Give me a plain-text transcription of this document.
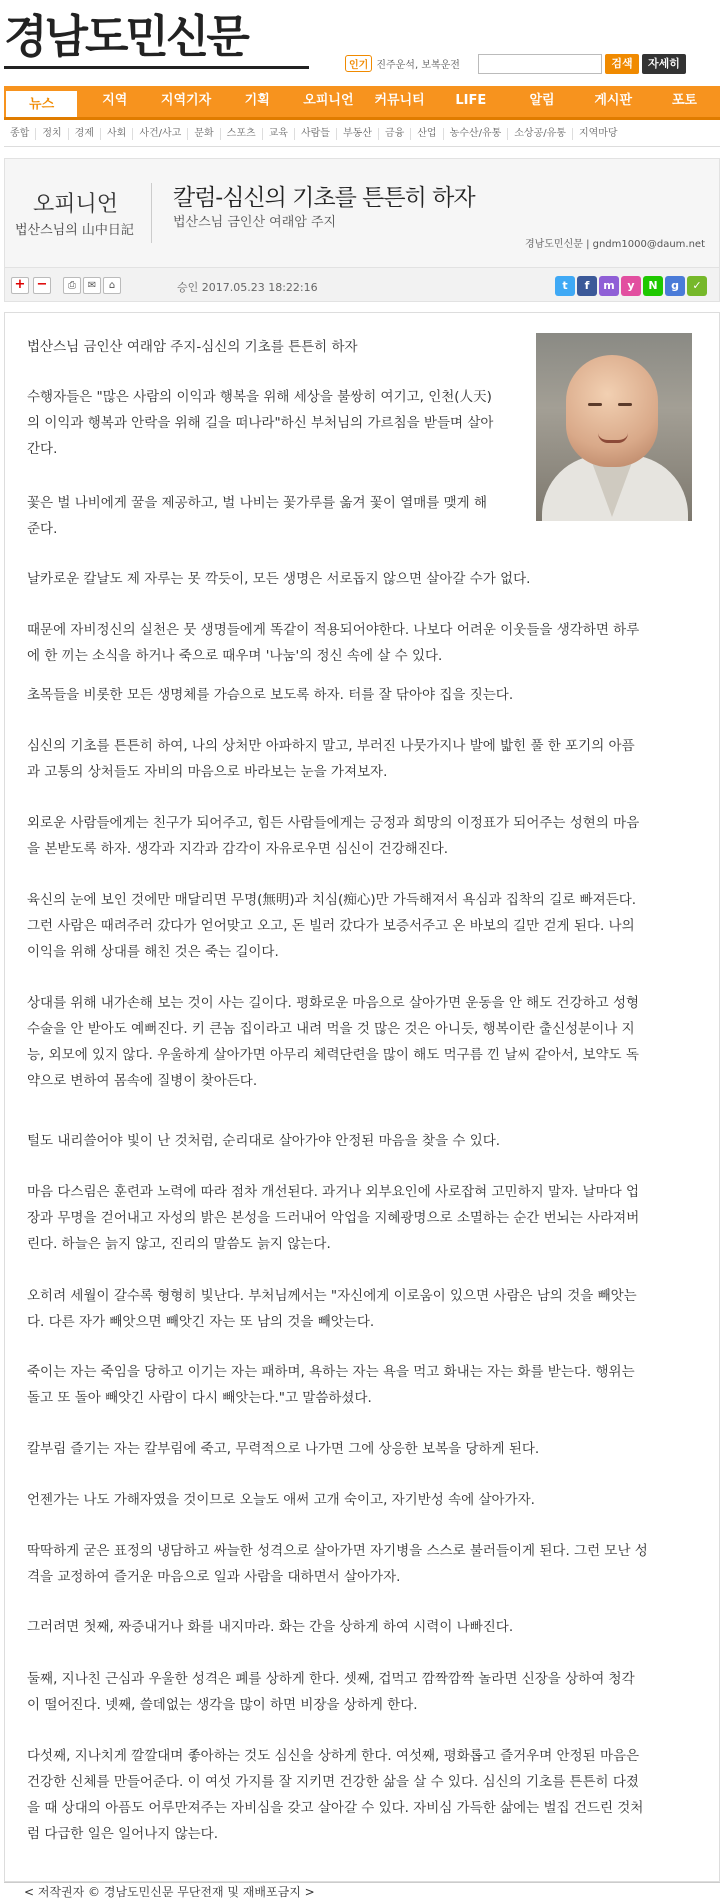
경남도민신문
인기 진주운석, 보복운전	검색	자세히
뉴스	지역	지역기자	기획	오피니언	커뮤니티	LIFE	알림	게시판	포토
종합	정치	경제	사회	사건/사고	문화	스포츠	교육	사람들	부동산	금융	산업	농수산/유통	소상공/유통	지역마당
오피니언
법산스님의 山中日記
칼럼-심신의 기초를 튼튼히 하자
법산스님 금인산 여래암 주지
경남도민신문 | gndm1000@daum.net
+ −	⎙	✉	⌂	승인 2017.05.23 18:22:16	t	f	m	y	N	g	✓
법산스님 금인산 여래암 주지-심신의 기초를 튼튼히 하자
수행자들은 "많은 사람의 이익과 행복을 위해 세상을 불쌍히 여기고, 인천(人天)
의 이익과 행복과 안락을 위해 길을 떠나라"하신 부처님의 가르침을 받들며 살아
간다.
꽃은 벌 나비에게 꿀을 제공하고, 벌 나비는 꽃가루를 옮겨 꽃이 열매를 맺게 해
준다.
날카로운 칼날도 제 자루는 못 깍듯이, 모든 생명은 서로돕지 않으면 살아갈 수가 없다.
때문에 자비정신의 실천은 뭇 생명들에게 똑같이 적용되어야한다. 나보다 어려운 이웃들을 생각하면 하루
에 한 끼는 소식을 하거나 죽으로 때우며 '나눔'의 정신 속에 살 수 있다.
초목들을 비롯한 모든 생명체를 가슴으로 보도록 하자. 터를 잘 닦아야 집을 짓는다.
심신의 기초를 튼튼히 하여, 나의 상처만 아파하지 말고, 부러진 나뭇가지나 발에 밟힌 풀 한 포기의 아픔
과 고통의 상처들도 자비의 마음으로 바라보는 눈을 가져보자.
외로운 사람들에게는 친구가 되어주고, 힘든 사람들에게는 긍정과 희망의 이정표가 되어주는 성현의 마음
을 본받도록 하자. 생각과 지각과 감각이 자유로우면 심신이 건강해진다.
육신의 눈에 보인 것에만 매달리면 무명(無明)과 치심(痴心)만 가득해져서 욕심과 집착의 길로 빠져든다.
그런 사람은 때려주러 갔다가 얻어맞고 오고, 돈 빌러 갔다가 보증서주고 온 바보의 길만 걷게 된다. 나의
이익을 위해 상대를 해친 것은 죽는 길이다.
상대를 위해 내가손해 보는 것이 사는 길이다. 평화로운 마음으로 살아가면 운동을 안 해도 건강하고 성형
수술을 안 받아도 예뻐진다. 키 큰놈 집이라고 내려 먹을 것 많은 것은 아니듯, 행복이란 출신성분이나 지
능, 외모에 있지 않다. 우울하게 살아가면 아무리 체력단련을 많이 해도 먹구름 낀 날씨 같아서, 보약도 독
약으로 변하여 몸속에 질병이 찾아든다.
털도 내리쓸어야 빛이 난 것처럼, 순리대로 살아가야 안정된 마음을 찾을 수 있다.
마음 다스림은 훈련과 노력에 따라 점차 개선된다. 과거나 외부요인에 사로잡혀 고민하지 말자. 날마다 업
장과 무명을 걷어내고 자성의 밝은 본성을 드러내어 악업을 지혜광명으로 소멸하는 순간 번뇌는 사라져버
린다. 하늘은 늙지 않고, 진리의 말씀도 늙지 않는다.
오히려 세월이 갈수록 형형히 빛난다. 부처님께서는 "자신에게 이로움이 있으면 사람은 남의 것을 빼앗는
다. 다른 자가 빼앗으면 빼앗긴 자는 또 남의 것을 빼앗는다.
죽이는 자는 죽임을 당하고 이기는 자는 패하며, 욕하는 자는 욕을 먹고 화내는 자는 화를 받는다. 행위는
돌고 또 돌아 빼앗긴 사람이 다시 빼앗는다."고 말씀하셨다.
칼부림 즐기는 자는 칼부림에 죽고, 무력적으로 나가면 그에 상응한 보복을 당하게 된다.
언젠가는 나도 가해자였을 것이므로 오늘도 애써 고개 숙이고, 자기반성 속에 살아가자.
딱딱하게 굳은 표정의 냉담하고 싸늘한 성격으로 살아가면 자기병을 스스로 불러들이게 된다. 그런 모난 성
격을 교정하여 즐거운 마음으로 일과 사람을 대하면서 살아가자.
그러려면 첫째, 짜증내거나 화를 내지마라. 화는 간을 상하게 하여 시력이 나빠진다.
둘째, 지나친 근심과 우울한 성격은 폐를 상하게 한다. 셋째, 겁먹고 깜짝깜짝 놀라면 신장을 상하여 청각
이 떨어진다. 넷째, 쓸데없는 생각을 많이 하면 비장을 상하게 한다.
다섯째, 지나치게 깔깔대며 좋아하는 것도 심신을 상하게 한다. 여섯째, 평화롭고 즐거우며 안정된 마음은
건강한 신체를 만들어준다. 이 여섯 가지를 잘 지키면 건강한 삶을 살 수 있다. 심신의 기초를 튼튼히 다졌
을 때 상대의 아픔도 어루만져주는 자비심을 갖고 살아갈 수 있다. 자비심 가득한 삶에는 벌집 건드린 것처
럼 다급한 일은 일어나지 않는다.
< 저작권자 © 경남도민신문 무단전재 및 재배포금지 >
